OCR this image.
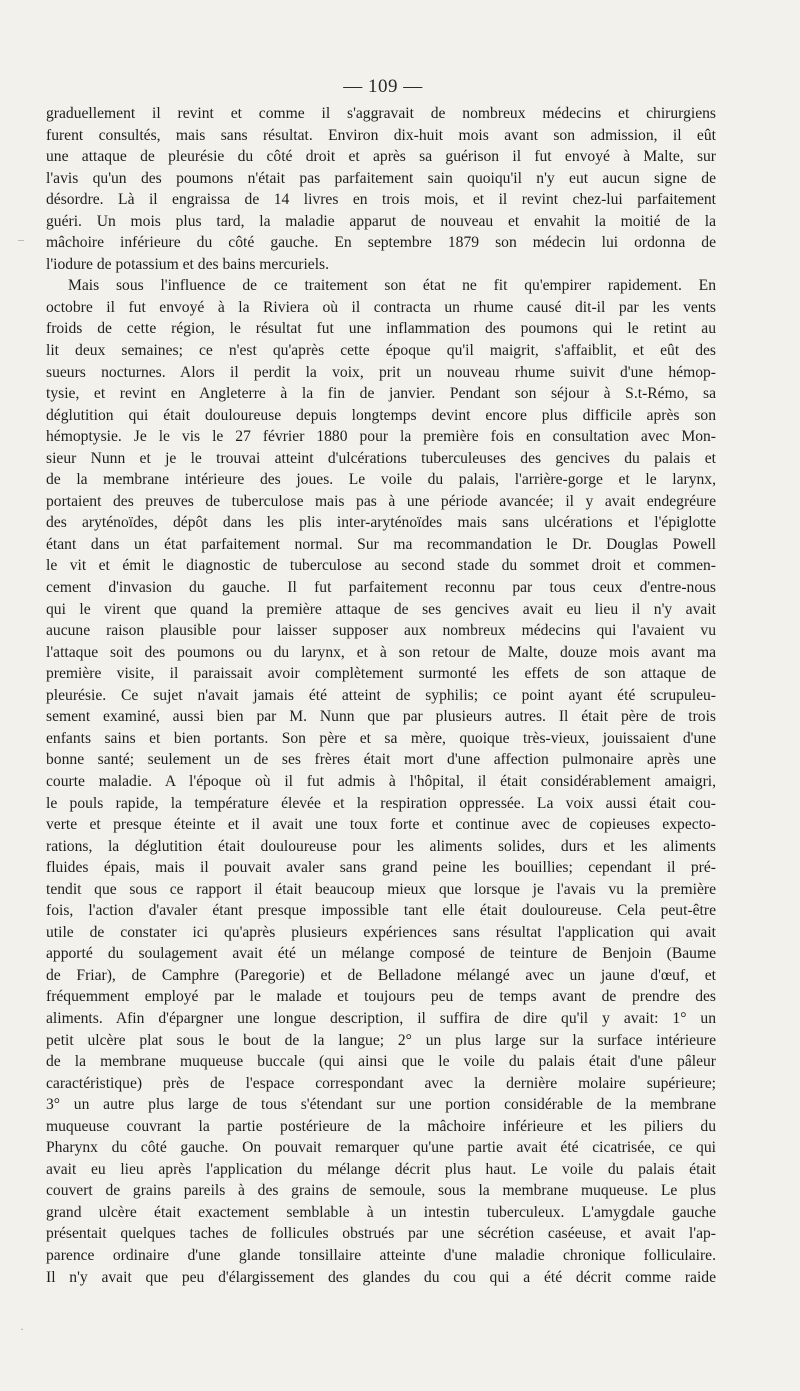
— 109 —
graduellement il revint et comme il s'aggravait de nombreux médecins et chirurgiens
furent consultés, mais sans résultat. Environ dix-huit mois avant son admission, il eût
une attaque de pleurésie du côté droit et après sa guérison il fut envoyé à Malte, sur
l'avis qu'un des poumons n'était pas parfaitement sain quoiqu'il n'y eut aucun signe de
désordre. Là il engraissa de 14 livres en trois mois, et il revint chez-lui parfaitement
guéri. Un mois plus tard, la maladie apparut de nouveau et envahit la moitié de la
mâchoire inférieure du côté gauche. En septembre 1879 son médecin lui ordonna de
l'iodure de potassium et des bains mercuriels.
Mais sous l'influence de ce traitement son état ne fit qu'empirer rapidement. En
octobre il fut envoyé à la Riviera où il contracta un rhume causé dit-il par les vents
froids de cette région, le résultat fut une inflammation des poumons qui le retint au
lit deux semaines; ce n'est qu'après cette époque qu'il maigrit, s'affaiblit, et eût des
sueurs nocturnes. Alors il perdit la voix, prit un nouveau rhume suivit d'une hémop-
tysie, et revint en Angleterre à la fin de janvier. Pendant son séjour à S.t-Rémo, sa
déglutition qui était douloureuse depuis longtemps devint encore plus difficile après son
hémoptysie. Je le vis le 27 février 1880 pour la première fois en consultation avec Mon-
sieur Nunn et je le trouvai atteint d'ulcérations tuberculeuses des gencives du palais et
de la membrane intérieure des joues. Le voile du palais, l'arrière-gorge et le larynx,
portaient des preuves de tuberculose mais pas à une période avancée; il y avait endegréure
des aryténoïdes, dépôt dans les plis inter-aryténoïdes mais sans ulcérations et l'épiglotte
étant dans un état parfaitement normal. Sur ma recommandation le Dr. Douglas Powell
le vit et émit le diagnostic de tuberculose au second stade du sommet droit et commen-
cement d'invasion du gauche. Il fut parfaitement reconnu par tous ceux d'entre-nous
qui le virent que quand la première attaque de ses gencives avait eu lieu il n'y avait
aucune raison plausible pour laisser supposer aux nombreux médecins qui l'avaient vu
l'attaque soit des poumons ou du larynx, et à son retour de Malte, douze mois avant ma
première visite, il paraissait avoir complètement surmonté les effets de son attaque de
pleurésie. Ce sujet n'avait jamais été atteint de syphilis; ce point ayant été scrupuleu-
sement examiné, aussi bien par M. Nunn que par plusieurs autres. Il était père de trois
enfants sains et bien portants. Son père et sa mère, quoique très-vieux, jouissaient d'une
bonne santé; seulement un de ses frères était mort d'une affection pulmonaire après une
courte maladie. A l'époque où il fut admis à l'hôpital, il était considérablement amaigri,
le pouls rapide, la température élevée et la respiration oppressée. La voix aussi était cou-
verte et presque éteinte et il avait une toux forte et continue avec de copieuses expecto-
rations, la déglutition était douloureuse pour les aliments solides, durs et les aliments
fluides épais, mais il pouvait avaler sans grand peine les bouillies; cependant il pré-
tendit que sous ce rapport il était beaucoup mieux que lorsque je l'avais vu la première
fois, l'action d'avaler étant presque impossible tant elle était douloureuse. Cela peut-être
utile de constater ici qu'après plusieurs expériences sans résultat l'application qui avait
apporté du soulagement avait été un mélange composé de teinture de Benjoin (Baume
de Friar), de Camphre (Paregorie) et de Belladone mélangé avec un jaune d'œuf, et
fréquemment employé par le malade et toujours peu de temps avant de prendre des
aliments. Afin d'épargner une longue description, il suffira de dire qu'il y avait: 1° un
petit ulcère plat sous le bout de la langue; 2° un plus large sur la surface intérieure
de la membrane muqueuse buccale (qui ainsi que le voile du palais était d'une pâleur
caractéristique) près de l'espace correspondant avec la dernière molaire supérieure;
3° un autre plus large de tous s'étendant sur une portion considérable de la membrane
muqueuse couvrant la partie postérieure de la mâchoire inférieure et les piliers du
Pharynx du côté gauche. On pouvait remarquer qu'une partie avait été cicatrisée, ce qui
avait eu lieu après l'application du mélange décrit plus haut. Le voile du palais était
couvert de grains pareils à des grains de semoule, sous la membrane muqueuse. Le plus
grand ulcère était exactement semblable à un intestin tuberculeux. L'amygdale gauche
présentait quelques taches de follicules obstrués par une sécrétion caséeuse, et avait l'ap-
parence ordinaire d'une glande tonsillaire atteinte d'une maladie chronique folliculaire.
Il n'y avait que peu d'élargissement des glandes du cou qui a été décrit comme raide
–
·
